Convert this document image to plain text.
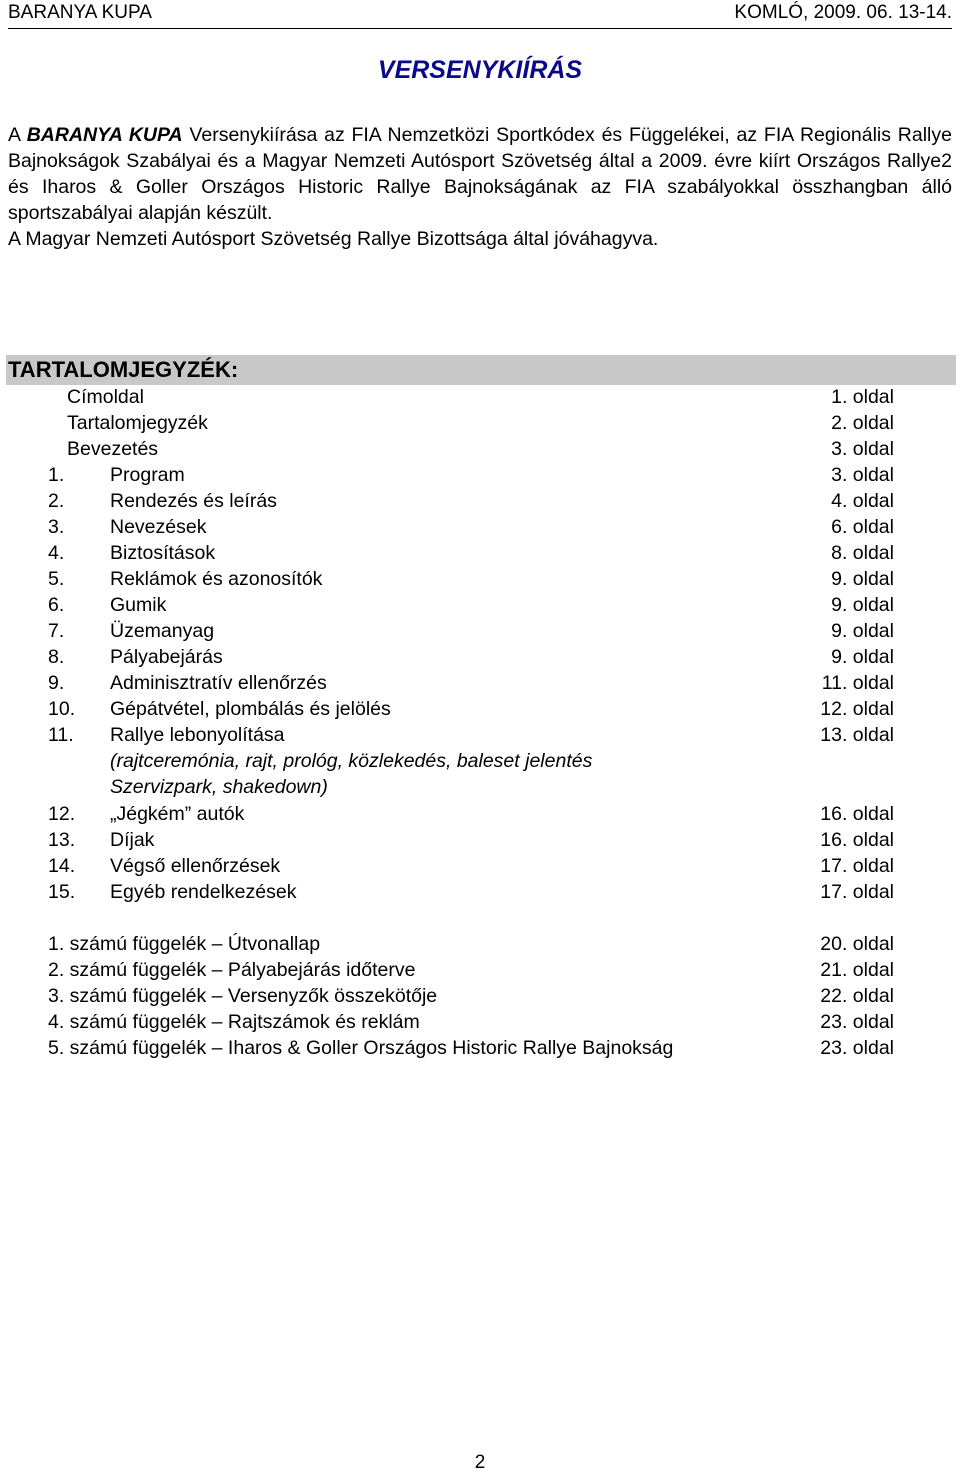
BARANYA KUPA	KOMLÓ, 2009. 06. 13-14.
VERSENYKIÍRÁS

A BARANYA KUPA Versenykiírása az FIA Nemzetközi Sportkódex és Függelékei, az FIA Regionális Rallye Bajnokságok Szabályai és a Magyar Nemzeti Autósport Szövetség által a 2009. évre kiírt Országos Rallye2 és Iharos & Goller Országos Historic Rallye Bajnokságának az FIA szabályokkal összhangban álló sportszabályai alapján készült.

A Magyar Nemzeti Autósport Szövetség Rallye Bizottsága által jóváhagyva.

TARTALOMJEGYZÉK:
Címoldal	1. oldal
Tartalomjegyzék	2. oldal
Bevezetés	3. oldal
1. Program	3. oldal
2. Rendezés és leírás	4. oldal
3. Nevezések	6. oldal
4. Biztosítások	8. oldal
5. Reklámok és azonosítók	9. oldal
6. Gumik	9. oldal
7. Üzemanyag	9. oldal
8. Pályabejárás	9. oldal
9. Adminisztratív ellenőrzés	11. oldal
10. Gépátvétel, plombálás és jelölés	12. oldal
11. Rallye lebonyolítása	13. oldal
(rajtceremónia, rajt, prológ, közlekedés, baleset jelentés
Szervizpark, shakedown)
12. „Jégkém” autók	16. oldal
13. Díjak	16. oldal
14. Végső ellenőrzések	17. oldal
15. Egyéb rendelkezések	17. oldal
1. számú függelék – Útvonallap	20. oldal
2. számú függelék – Pályabejárás időterve	21. oldal
3. számú függelék – Versenyzők összekötője	22. oldal
4. számú függelék – Rajtszámok és reklám	23. oldal
5. számú függelék – Iharos & Goller Országos Historic Rallye Bajnokság	23. oldal
2
